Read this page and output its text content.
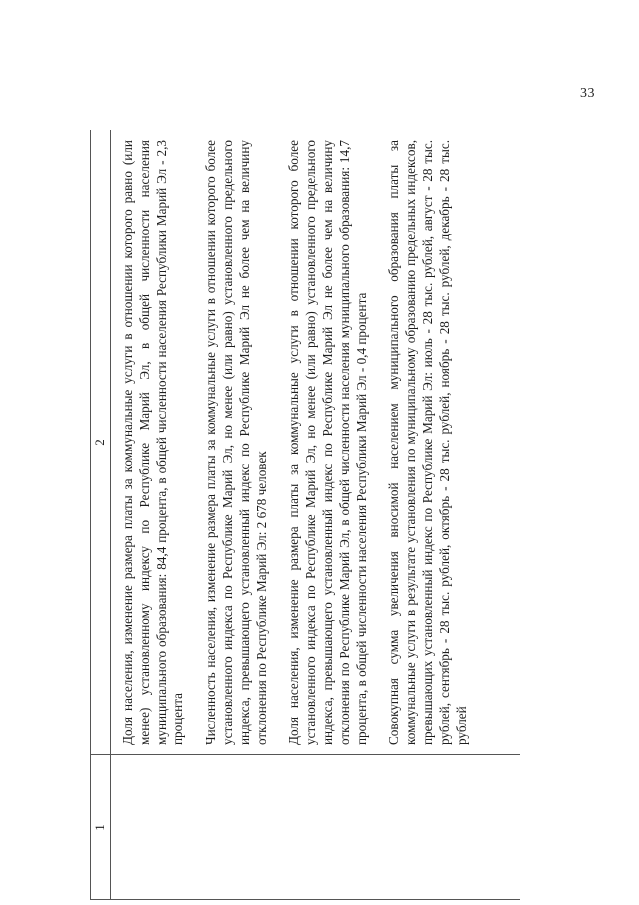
33
1
2 Доля населения, изменение размера платы за коммунальные услуги в отношении которого равно (или менее) установленному индексу по Республике Марий Эл, в общей численности населения муниципального образования: 84,4 процента, в общей численности населения Республики Марий Эл - 2,3 процента Численность населения, изменение размера платы за коммунальные услуги в отношении которого более установленного индекса по Республике Марий Эл, но менее (или равно) установленного предельного индекса, превышающего установленный индекс по Республике Марий Эл не более чем на величину отклонения по Республике Марий Эл: 2 678 человек Доля населения, изменение размера платы за коммунальные услуги в отношении которого более установленного индекса по Республике Марий Эл, но менее (или равно) установленного предельного индекса, превышающего установленный индекс по Республике Марий Эл не более чем на величину отклонения по Республике Марий Эл, в общей численности населения муниципального образования: 14,7 процента, в общей численности населения Республики Марий Эл - 0,4 процента Совокупная сумма увеличения вносимой населением муниципального образования платы за коммунальные услуги в результате установления по муниципальному образованию предельных индексов, превышающих установленный индекс по Республике Марий Эл: июль - 28 тыс. рублей, август - 28 тыс. рублей, сентябрь - 28 тыс. рублей, октябрь - 28 тыс. рублей, ноябрь - 28 тыс. рублей, декабрь - 28 тыс. рублей
